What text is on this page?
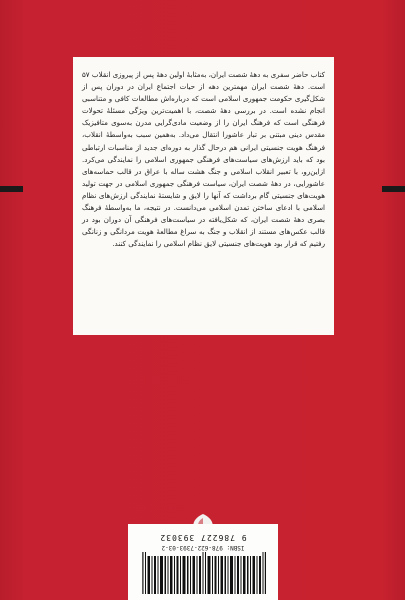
کتاب حاضر سفری به دههٔ شصت ایران، به‌مثابهٔ اولین دههٔ پس از پیروزی انقلاب ۵۷ است. دههٔ شصت ایران مهمترین دهه از حیات اجتماع ایران در دوران پس از شکل‌گیری حکومت جمهوری اسلامی است که درباره‌اش مطالعات کافی و متناسبی انجام نشده است. در بررسی دههٔ شصت، با اهمیت‌ترین ویژگی مسئلهٔ تحولات فرهنگی است که فرهنگ ایران را از وضعیت مادی‌گرایی مدرن به‌سوی متافیزیک مقدس دینی مبتنی بر تبار عاشورا انتقال می‌داد. به‌همین سبب به‌واسطهٔ انقلاب، فرهنگ هویت جنسیتی ایرانی هم درحال گذار به دوره‌ای جدید از مناسبات ارتباطی بود که باید ارزش‌های سیاست‌های فرهنگی جمهوری اسلامی را نمایندگی می‌کرد. ازاین‌رو، با تعبیر انقلاب اسلامی و جنگ هشت ساله با عراق در قالب حماسه‌های عاشورایی، در دههٔ شصت ایران، سیاست فرهنگی جمهوری اسلامی در جهت تولید هویت‌های جنسیتی گام برداشت که آنها را لایق و شایستهٔ نمایندگی ارزش‌های نظام اسلامی با ادعای ساختن تمدن اسلامی می‌دانست. در نتیجه، ما به‌واسطهٔ فرهنگ بصری دههٔ شصت ایران، که شکل‌یافته در سیاست‌های فرهنگی آن دوران بود در قالب عکس‌های مستند از انقلاب و جنگ به سراغ مطالعهٔ هویت مردانگی و زنانگی رفتیم که قرار بود هویت‌های جنسیتی لایق نظام اسلامی را نمایندگی کنند.

ISBN: 978-622-7393-03-2
9 786227 393032
